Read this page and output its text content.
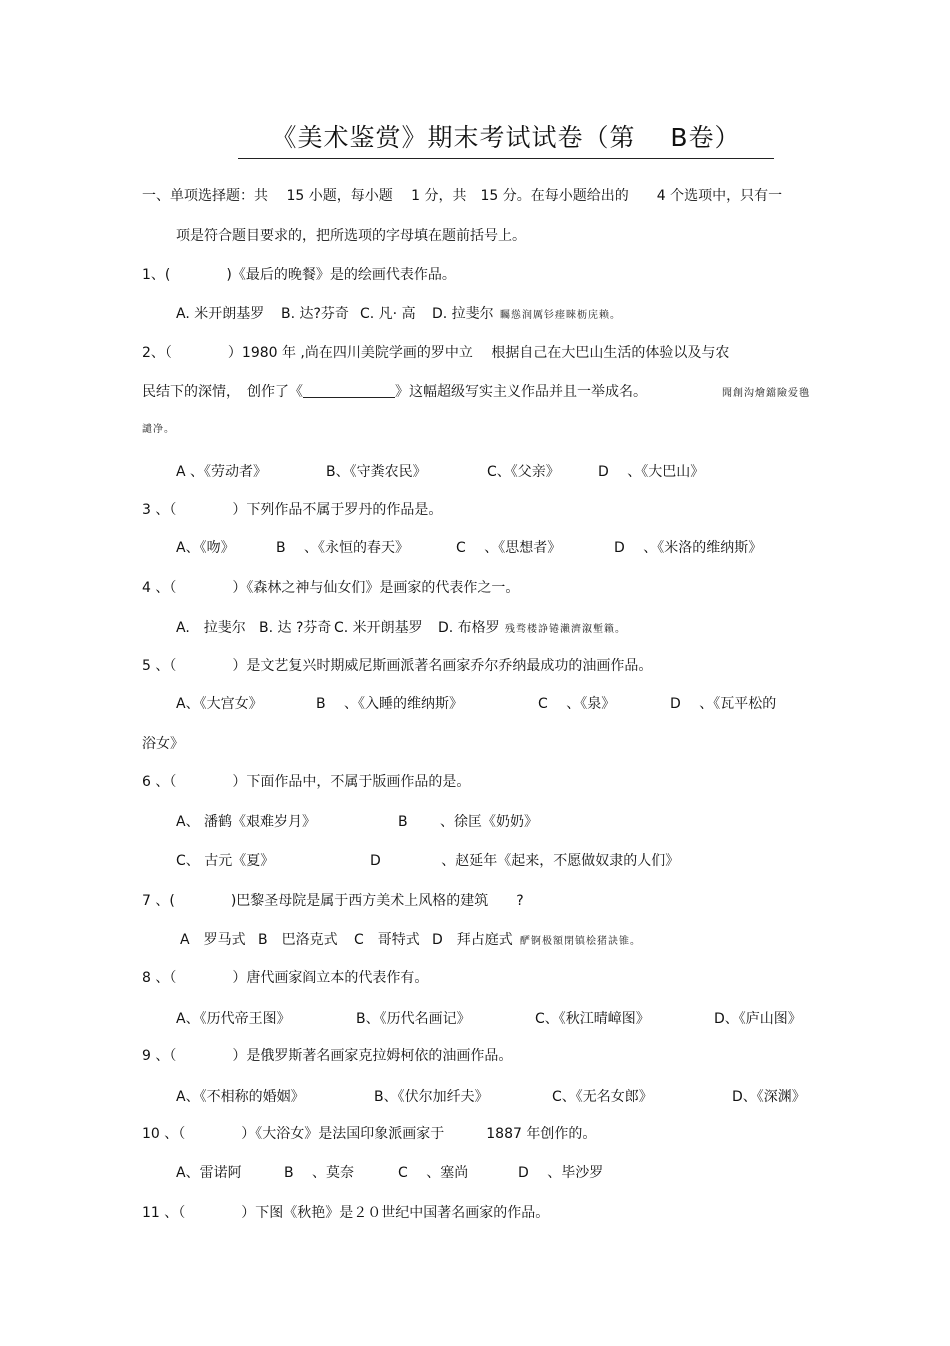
《美术鉴赏》期末考试试卷（第　 B卷）
一、单项选择题：共　 15 小题，每小题　 1 分，共　15 分。在每小题给出的　　4 个选项中，只有一
项是符合题目要求的，把所选项的字母填在题前括号上。
1、(　　　　)《最后的晚餐》是的绘画代表作品。
A. 米开朗基罗 B. 达?芬奇 C. 凡· 高 D. 拉斐尔 矚慫润厲钐瘗睞枥庑赖。
2、（　　　　）1980 年 ,尚在四川美院学画的罗中立　 根据自己在大巴山生活的体验以及与农
民结下的深情，　创作了《	》这幅超级写实主义作品并且一举成名。	聞創沟燴鐺險爱氇
譴净。
A 、《劳动者》	B、《守粪农民》	C、《父亲》	D　 、《大巴山》
3 、（　　　　）下列作品不属于罗丹的作品是。
A、《吻》	B　 、《永恒的春天》	C　 、《思想者》	D　 、《米洛的维纳斯》
4 、（　　　　）《森林之神与仙女们》是画家的代表作之一。
A.　拉斐尔 B. 达 ?芬奇 C. 米开朗基罗 D. 布格罗 残骛楼諍锩瀨濟溆塹籟。
5 、（　　　　）是文艺复兴时期威尼斯画派著名画家乔尔乔纳最成功的油画作品。
A、《大宫女》	B　 、《入睡的维纳斯》	C　 、《泉》	D　 、《瓦平松的
浴女》
6 、（　　　　）下面作品中，不属于版画作品的是。
A、 潘鹤《艰难岁月》	B　　 、徐匡《奶奶》
C、 古元《夏》	D　　　　 、赵延年《起来，不愿做奴隶的人们》
7 、(　　　　)巴黎圣母院是属于西方美术上风格的建筑　　?
A　罗马式 B　巴洛克式 C　哥特式 D　拜占庭式 酽锕极額閉镇桧猪訣锥。
8 、（　　　　）唐代画家阎立本的代表作有。
A、《历代帝王图》	B、《历代名画记》	C、《秋江晴嶂图》	D、《庐山图》
9 、（　　　　）是俄罗斯著名画家克拉姆柯依的油画作品。
A、《不相称的婚姻》	B、《伏尔加纤夫》	C、《无名女郎》	D、《深渊》
10 、（　　　　）《大浴女》是法国印象派画家于　　　1887 年创作的。
A、雷诺阿	B　 、莫奈	C　 、塞尚	D　 、毕沙罗
11 、（　　　　）下图《秋艳》是２０世纪中国著名画家的作品。
